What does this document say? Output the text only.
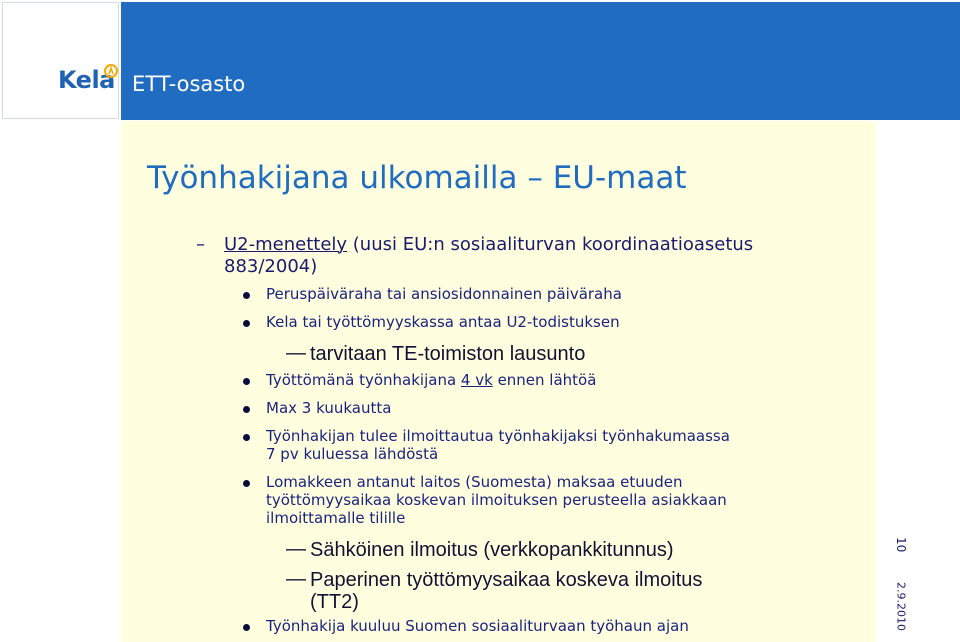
Kela ETT-osasto
Työnhakijana ulkomailla – EU-maat
– U2-menettely (uusi EU:n sosiaaliturvan koordinaatioasetus
883/2004)
Peruspäiväraha tai ansiosidonnainen päiväraha
Kela tai työttömyyskassa antaa U2-todistuksen
— tarvitaan TE-toimiston lausunto
Työttömänä työnhakijana 4 vk ennen lähtöä
Max 3 kuukautta
Työnhakijan tulee ilmoittautua työnhakijaksi työnhakumaassa
7 pv kuluessa lähdöstä
Lomakkeen antanut laitos (Suomesta) maksaa etuuden
työttömyysaikaa koskevan ilmoituksen perusteella asiakkaan
ilmoittamalle tilille
— Sähköinen ilmoitus (verkkopankkitunnus)
— Paperinen työttömyysaikaa koskeva ilmoitus
(TT2)
Työnhakija kuuluu Suomen sosiaaliturvaan työhaun ajan
10
2.9.2010
